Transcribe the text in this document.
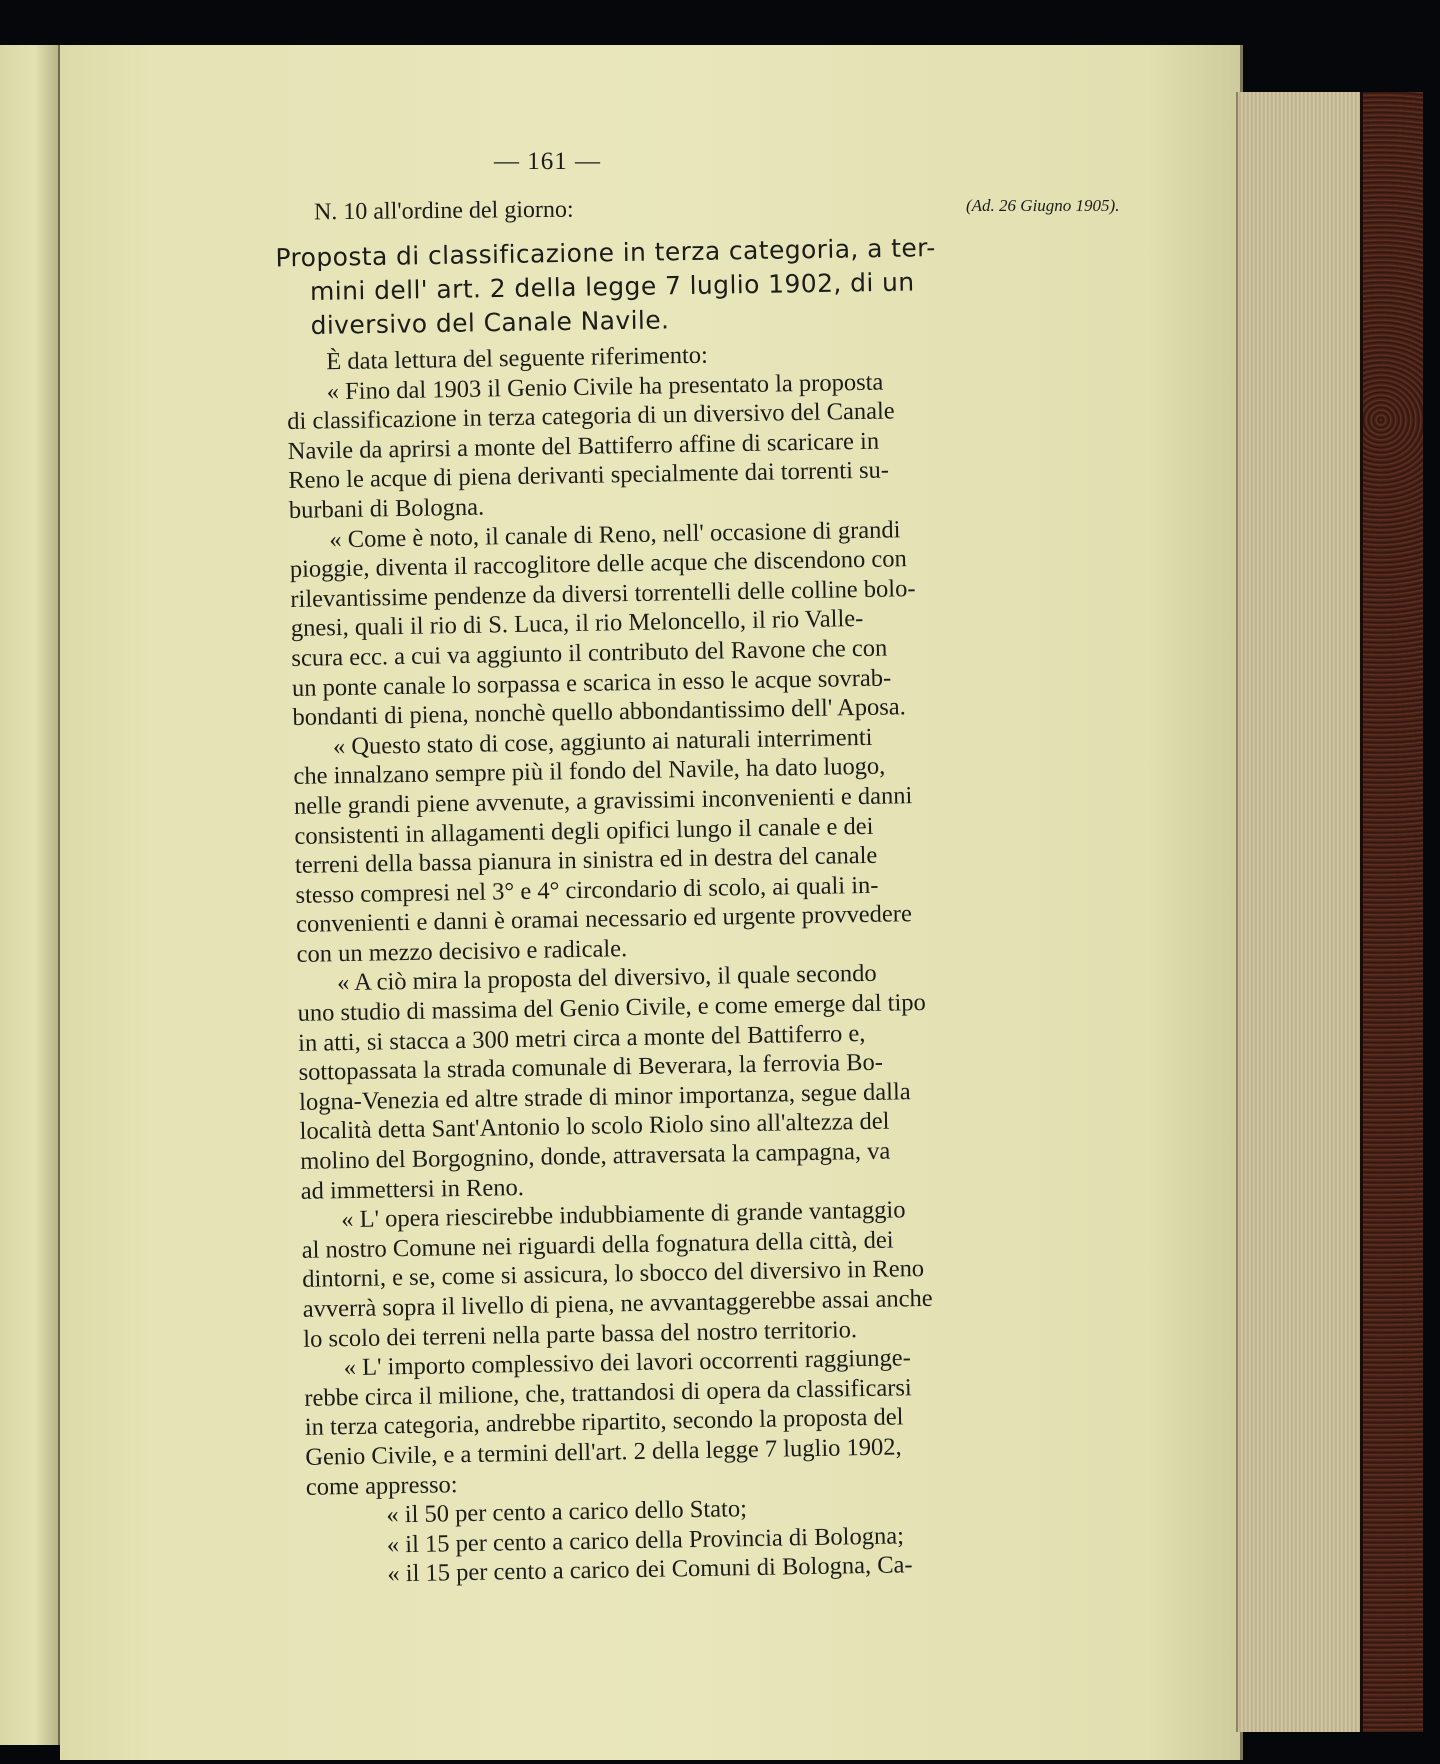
— 161 —
N. 10 all'ordine del giorno:	(Ad. 26 Giugno 1905).
Proposta di classificazione in terza categoria, a ter-
mini dell' art. 2 della legge 7 luglio 1902, di un
diversivo del Canale Navile.
È data lettura del seguente riferimento:
« Fino dal 1903 il Genio Civile ha presentato la proposta
di classificazione in terza categoria di un diversivo del Canale
Navile da aprirsi a monte del Battiferro affine di scaricare in
Reno le acque di piena derivanti specialmente dai torrenti su-
burbani di Bologna.
« Come è noto, il canale di Reno, nell' occasione di grandi
pioggie, diventa il raccoglitore delle acque che discendono con
rilevantissime pendenze da diversi torrentelli delle colline bolo-
gnesi, quali il rio di S. Luca, il rio Meloncello, il rio Valle-
scura ecc. a cui va aggiunto il contributo del Ravone che con
un ponte canale lo sorpassa e scarica in esso le acque sovrab-
bondanti di piena, nonchè quello abbondantissimo dell' Aposa.
« Questo stato di cose, aggiunto ai naturali interrimenti
che innalzano sempre più il fondo del Navile, ha dato luogo,
nelle grandi piene avvenute, a gravissimi inconvenienti e danni
consistenti in allagamenti degli opifici lungo il canale e dei
terreni della bassa pianura in sinistra ed in destra del canale
stesso compresi nel 3° e 4° circondario di scolo, ai quali in-
convenienti e danni è oramai necessario ed urgente provvedere
con un mezzo decisivo e radicale.
« A ciò mira la proposta del diversivo, il quale secondo
uno studio di massima del Genio Civile, e come emerge dal tipo
in atti, si stacca a 300 metri circa a monte del Battiferro e,
sottopassata la strada comunale di Beverara, la ferrovia Bo-
logna-Venezia ed altre strade di minor importanza, segue dalla
località detta Sant'Antonio lo scolo Riolo sino all'altezza del
molino del Borgognino, donde, attraversata la campagna, va
ad immettersi in Reno.
« L' opera riescirebbe indubbiamente di grande vantaggio
al nostro Comune nei riguardi della fognatura della città, dei
dintorni, e se, come si assicura, lo sbocco del diversivo in Reno
avverrà sopra il livello di piena, ne avvantaggerebbe assai anche
lo scolo dei terreni nella parte bassa del nostro territorio.
« L' importo complessivo dei lavori occorrenti raggiunge-
rebbe circa il milione, che, trattandosi di opera da classificarsi
in terza categoria, andrebbe ripartito, secondo la proposta del
Genio Civile, e a termini dell'art. 2 della legge 7 luglio 1902,
come appresso:
« il 50 per cento a carico dello Stato;
« il 15 per cento a carico della Provincia di Bologna;
« il 15 per cento a carico dei Comuni di Bologna, Ca-
